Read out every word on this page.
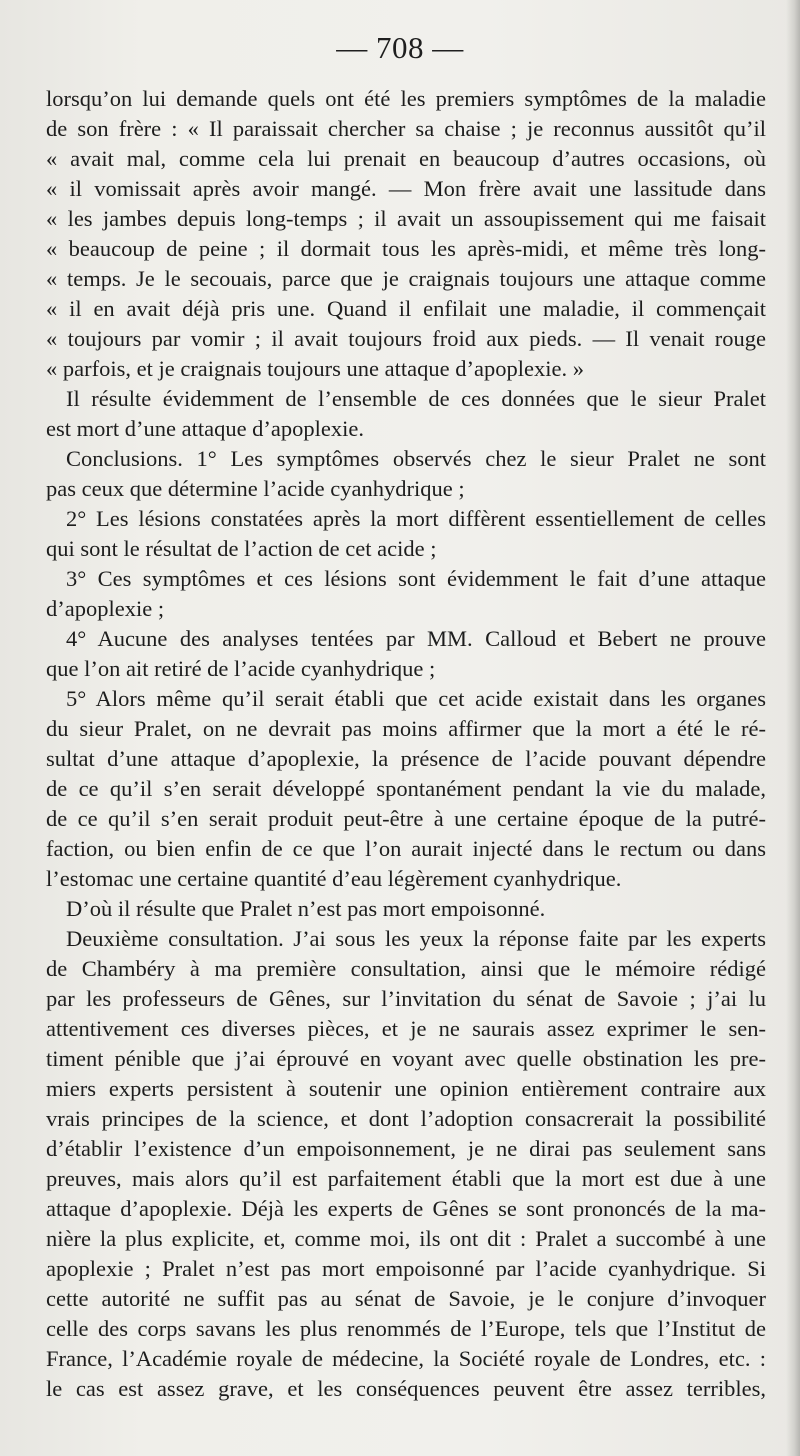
— 708 —
lorsqu’on lui demande quels ont été les premiers symptômes de la maladie
de son frère : « Il paraissait chercher sa chaise ; je reconnus aussitôt qu’il
« avait mal, comme cela lui prenait en beaucoup d’autres occasions, où
« il vomissait après avoir mangé. — Mon frère avait une lassitude dans
« les jambes depuis long-temps ; il avait un assoupissement qui me faisait
« beaucoup de peine ; il dormait tous les après-midi, et même très long-
« temps. Je le secouais, parce que je craignais toujours une attaque comme
« il en avait déjà pris une. Quand il enfilait une maladie, il commençait
« toujours par vomir ; il avait toujours froid aux pieds. — Il venait rouge
« parfois, et je craignais toujours une attaque d’apoplexie. »
Il résulte évidemment de l’ensemble de ces données que le sieur Pralet
est mort d’une attaque d’apoplexie.
Conclusions. 1° Les symptômes observés chez le sieur Pralet ne sont
pas ceux que détermine l’acide cyanhydrique ;
2° Les lésions constatées après la mort diffèrent essentiellement de celles
qui sont le résultat de l’action de cet acide ;
3° Ces symptômes et ces lésions sont évidemment le fait d’une attaque
d’apoplexie ;
4° Aucune des analyses tentées par MM. Calloud et Bebert ne prouve
que l’on ait retiré de l’acide cyanhydrique ;
5° Alors même qu’il serait établi que cet acide existait dans les organes
du sieur Pralet, on ne devrait pas moins affirmer que la mort a été le ré-
sultat d’une attaque d’apoplexie, la présence de l’acide pouvant dépendre
de ce qu’il s’en serait développé spontanément pendant la vie du malade,
de ce qu’il s’en serait produit peut-être à une certaine époque de la putré-
faction, ou bien enfin de ce que l’on aurait injecté dans le rectum ou dans
l’estomac une certaine quantité d’eau légèrement cyanhydrique.
D’où il résulte que Pralet n’est pas mort empoisonné.
Deuxième consultation. J’ai sous les yeux la réponse faite par les experts
de Chambéry à ma première consultation, ainsi que le mémoire rédigé
par les professeurs de Gênes, sur l’invitation du sénat de Savoie ; j’ai lu
attentivement ces diverses pièces, et je ne saurais assez exprimer le sen-
timent pénible que j’ai éprouvé en voyant avec quelle obstination les pre-
miers experts persistent à soutenir une opinion entièrement contraire aux
vrais principes de la science, et dont l’adoption consacrerait la possibilité
d’établir l’existence d’un empoisonnement, je ne dirai pas seulement sans
preuves, mais alors qu’il est parfaitement établi que la mort est due à une
attaque d’apoplexie. Déjà les experts de Gênes se sont prononcés de la ma-
nière la plus explicite, et, comme moi, ils ont dit : Pralet a succombé à une
apoplexie ; Pralet n’est pas mort empoisonné par l’acide cyanhydrique. Si
cette autorité ne suffit pas au sénat de Savoie, je le conjure d’invoquer
celle des corps savans les plus renommés de l’Europe, tels que l’Institut de
France, l’Académie royale de médecine, la Société royale de Londres, etc. :
le cas est assez grave, et les conséquences peuvent être assez terribles,
